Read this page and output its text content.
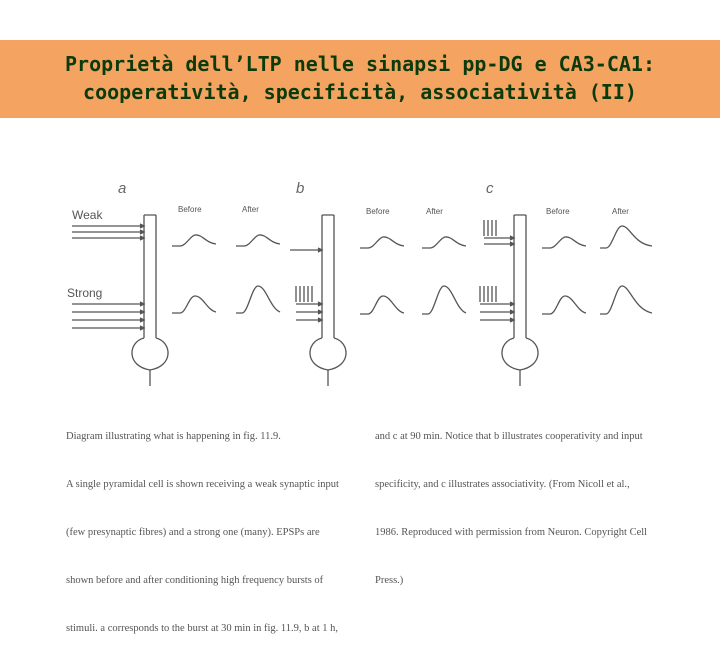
Proprietà dell’LTP nelle sinapsi pp-DG e CA3-CA1:
cooperatività, specificità, associatività (II)
a
Weak
Strong
Before	After
b
Before	After
c
Before	After

Diagram illustrating what is happening in fig. 11.9.

A single pyramidal cell is shown receiving a weak synaptic input

(few presynaptic fibres) and a strong one (many). EPSPs are

shown before and after conditioning high frequency bursts of

stimuli. a corresponds to the burst at 30 min in fig. 11.9, b at 1 h,

and c at 90 min. Notice that b illustrates cooperativity and input

specificity, and c illustrates associativity. (From Nicoll et al.,

1986. Reproduced with permission from Neuron. Copyright Cell

Press.)
